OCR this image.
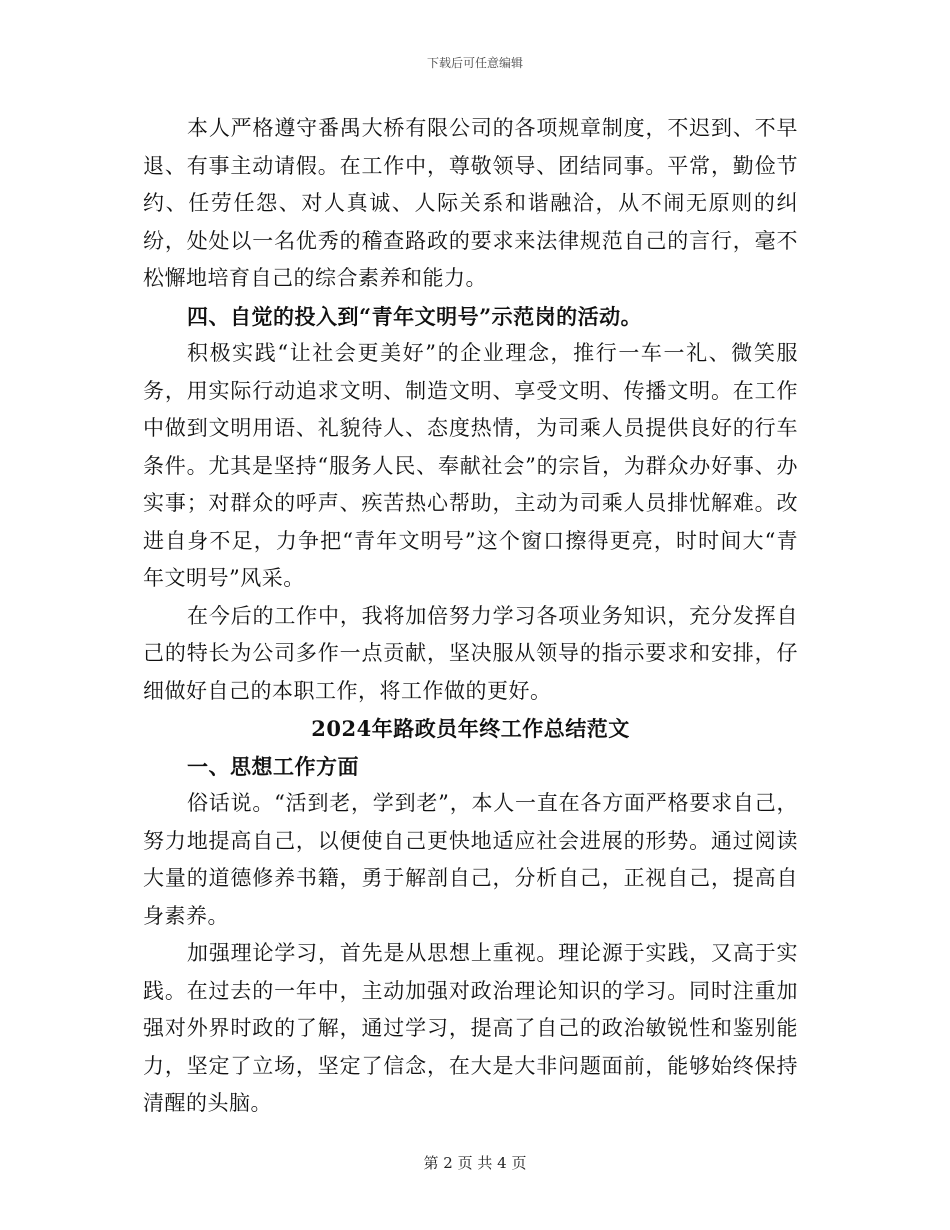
下载后可任意编辑

本人严格遵守番禺大桥有限公司的各项规章制度，不迟到、不早退、有事主动请假。在工作中，尊敬领导、团结同事。平常，勤俭节约、任劳任怨、对人真诚、人际关系和谐融洽，从不闹无原则的纠纷，处处以一名优秀的稽查路政的要求来法律规范自己的言行，毫不松懈地培育自己的综合素养和能力。

四、自觉的投入到“青年文明号”示范岗的活动。

积极实践“让社会更美好”的企业理念，推行一车一礼、微笑服务，用实际行动追求文明、制造文明、享受文明、传播文明。在工作中做到文明用语、礼貌待人、态度热情，为司乘人员提供良好的行车条件。尤其是坚持“服务人民、奉献社会”的宗旨，为群众办好事、办实事；对群众的呼声、疾苦热心帮助，主动为司乘人员排忧解难。改进自身不足，力争把“青年文明号”这个窗口擦得更亮，时时间大“青年文明号”风采。

在今后的工作中，我将加倍努力学习各项业务知识，充分发挥自己的特长为公司多作一点贡献，坚决服从领导的指示要求和安排，仔细做好自己的本职工作，将工作做的更好。

2024年路政员年终工作总结范文

一、思想工作方面

俗话说。“活到老，学到老”，本人一直在各方面严格要求自己，努力地提高自己，以便使自己更快地适应社会进展的形势。通过阅读大量的道德修养书籍，勇于解剖自己，分析自己，正视自己，提高自身素养。

加强理论学习，首先是从思想上重视。理论源于实践，又高于实践。在过去的一年中，主动加强对政治理论知识的学习。同时注重加强对外界时政的了解，通过学习，提高了自己的政治敏锐性和鉴别能力，坚定了立场，坚定了信念，在大是大非问题面前，能够始终保持清醒的头脑。

第 2 页 共 4 页
